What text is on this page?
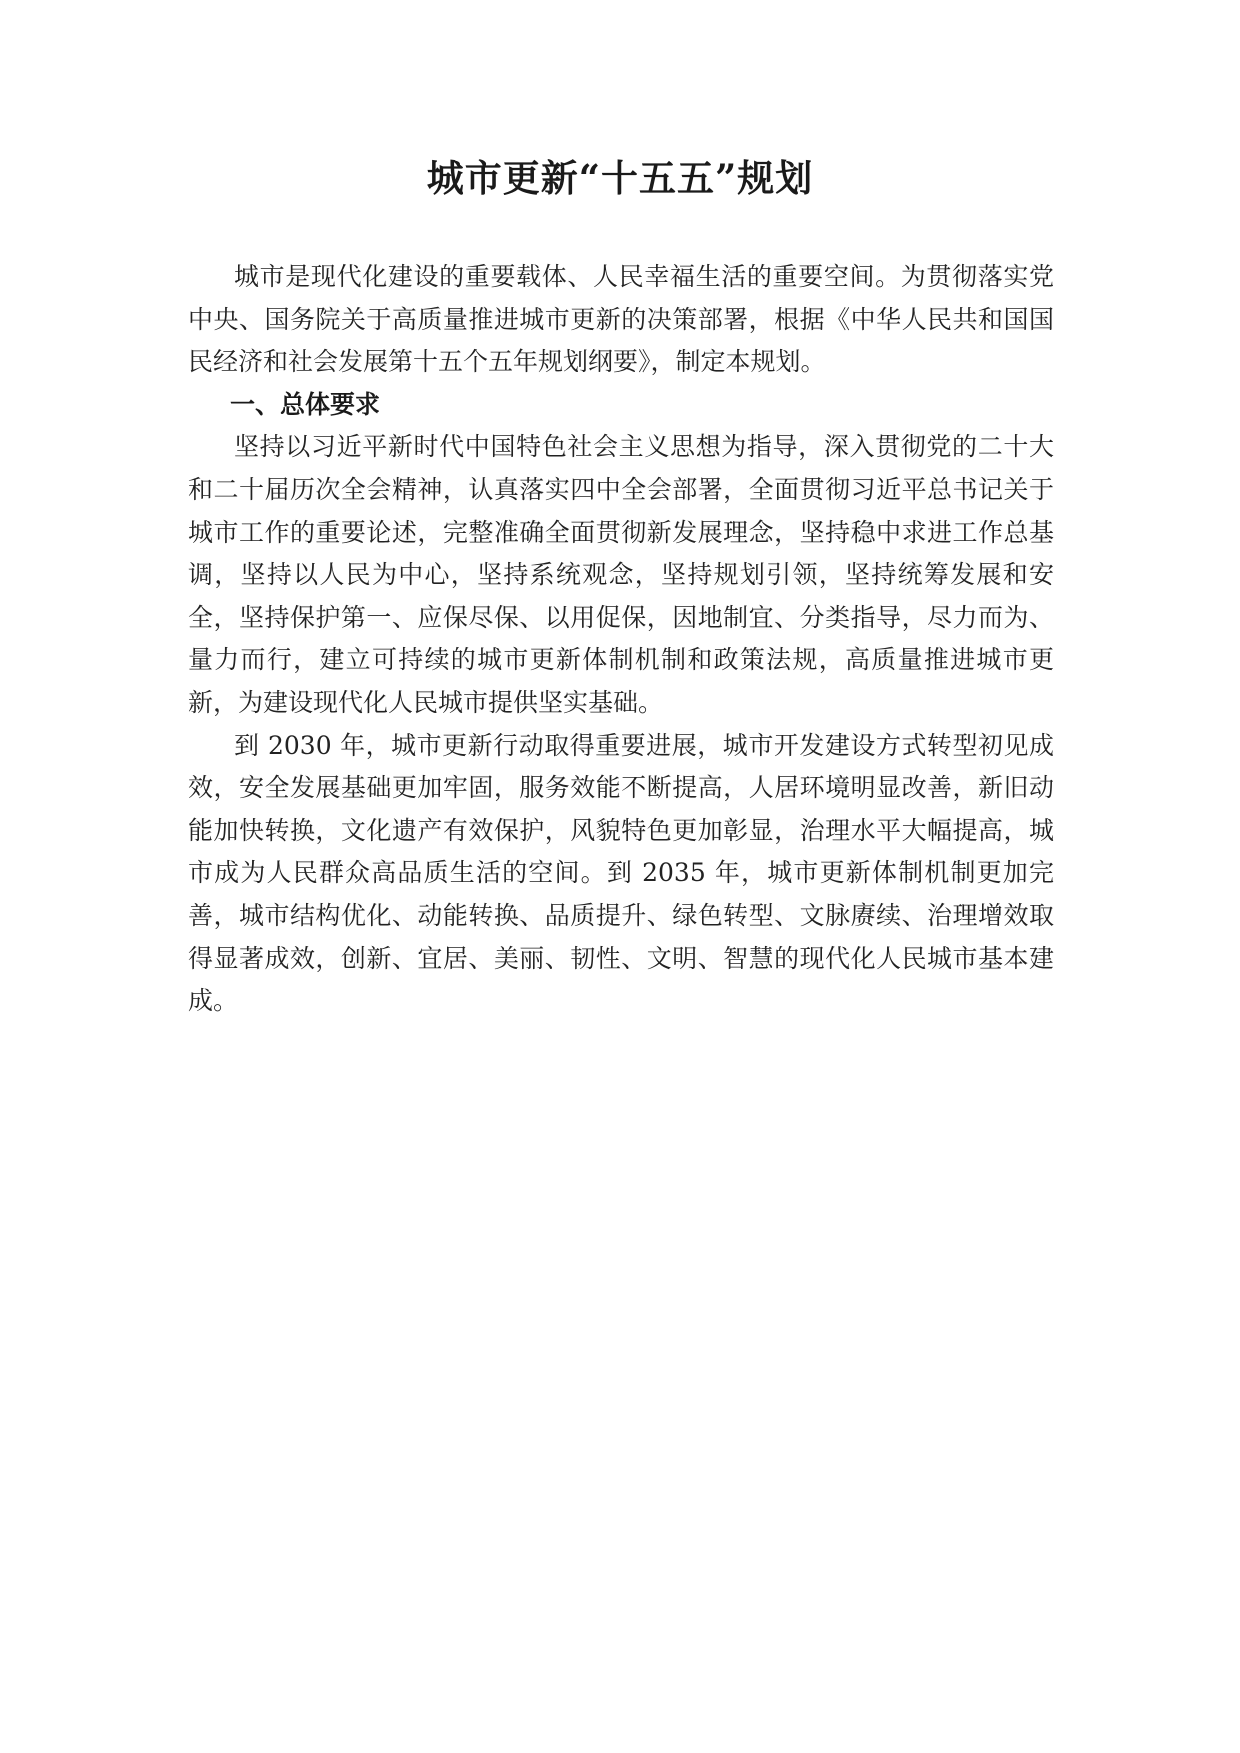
城市更新“十五五”规划

城市是现代化建设的重要载体、人民幸福生活的重要空间。为贯彻落实党中央、国务院关于高质量推进城市更新的决策部署，根据《中华人民共和国国民经济和社会发展第十五个五年规划纲要》，制定本规划。

一、总体要求

坚持以习近平新时代中国特色社会主义思想为指导，深入贯彻党的二十大和二十届历次全会精神，认真落实四中全会部署，全面贯彻习近平总书记关于城市工作的重要论述，完整准确全面贯彻新发展理念，坚持稳中求进工作总基调，坚持以人民为中心，坚持系统观念，坚持规划引领，坚持统筹发展和安全，坚持保护第一、应保尽保、以用促保，因地制宜、分类指导，尽力而为、量力而行，建立可持续的城市更新体制机制和政策法规，高质量推进城市更新，为建设现代化人民城市提供坚实基础。

到 2030 年，城市更新行动取得重要进展，城市开发建设方式转型初见成效，安全发展基础更加牢固，服务效能不断提高，人居环境明显改善，新旧动能加快转换，文化遗产有效保护，风貌特色更加彰显，治理水平大幅提高，城市成为人民群众高品质生活的空间。到 2035 年，城市更新体制机制更加完善，城市结构优化、动能转换、品质提升、绿色转型、文脉赓续、治理增效取得显著成效，创新、宜居、美丽、韧性、文明、智慧的现代化人民城市基本建成。
